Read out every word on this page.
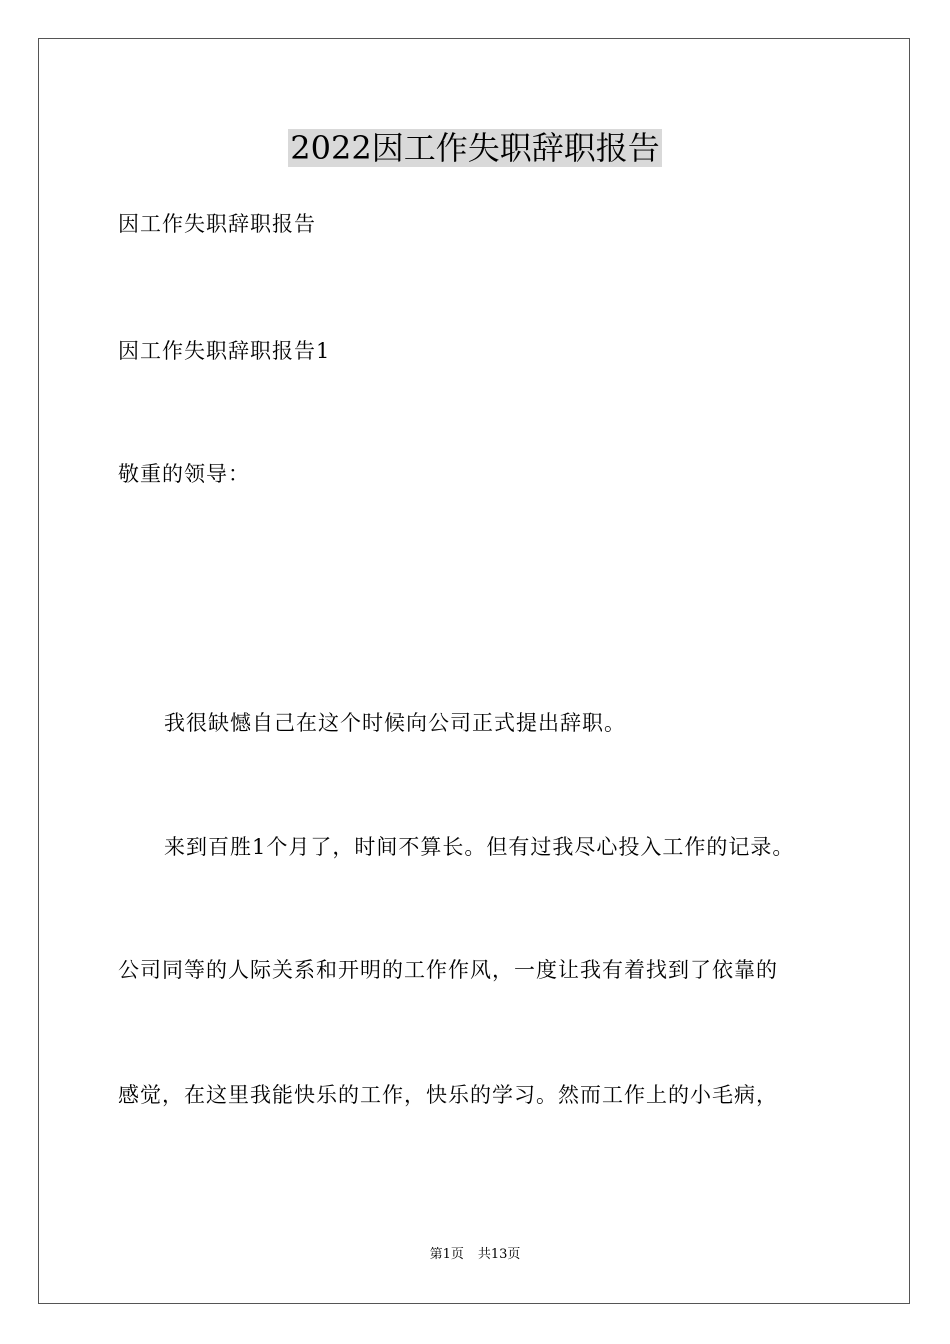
2022因工作失职辞职报告
因工作失职辞职报告
因工作失职辞职报告1
敬重的领导：
我很缺憾自己在这个时候向公司正式提出辞职。
来到百胜1个月了，时间不算长。但有过我尽心投入工作的记录。
公司同等的人际关系和开明的工作作风，一度让我有着找到了依靠的
感觉，在这里我能快乐的工作，快乐的学习。然而工作上的小毛病，
第1页 共13页
